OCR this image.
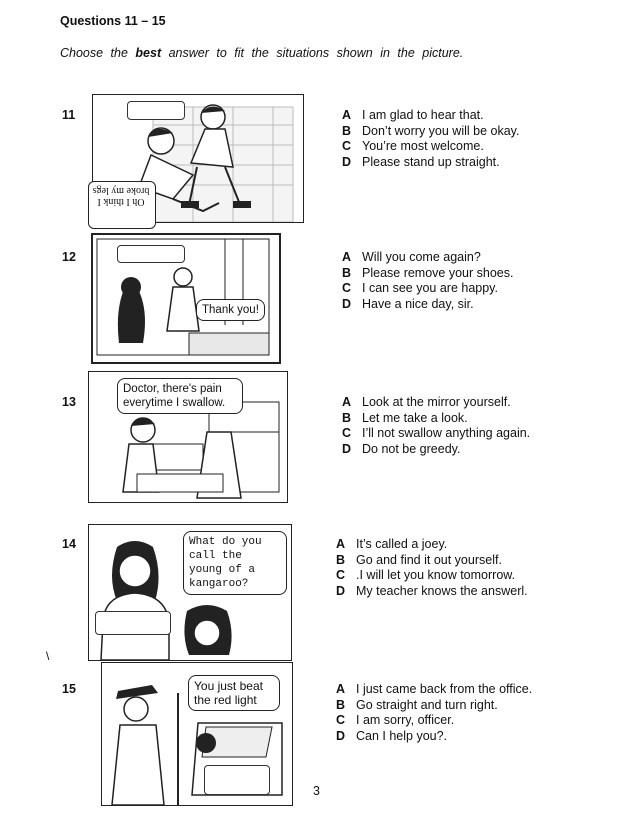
Questions 11 – 15
Choose the best answer to fit the situations shown in the picture.
11
Oh I think I broke my legs
A I am glad to hear that.
B Don’t worry you will be okay.
C You’re most welcome.
D Please stand up straight.
12
Thank you!
A Will you come again?
B Please remove your shoes.
C I can see you are happy.
D Have a nice day, sir.
13
Doctor, there's pain everytime I swallow.	A Look at the mirror yourself.
B Let me take a look.
C I’ll not swallow anything again.
D Do not be greedy.
14	What do you call the young of a kangaroo?
A It’s called a joey.
B Go and find it out yourself.
C .I will let you know tomorrow.
D My teacher knows the answerl.
\
15	You just beat the red light
A I just came back from the office.
B Go straight and turn right.
C I am sorry, officer.
D Can I help you?.
3
